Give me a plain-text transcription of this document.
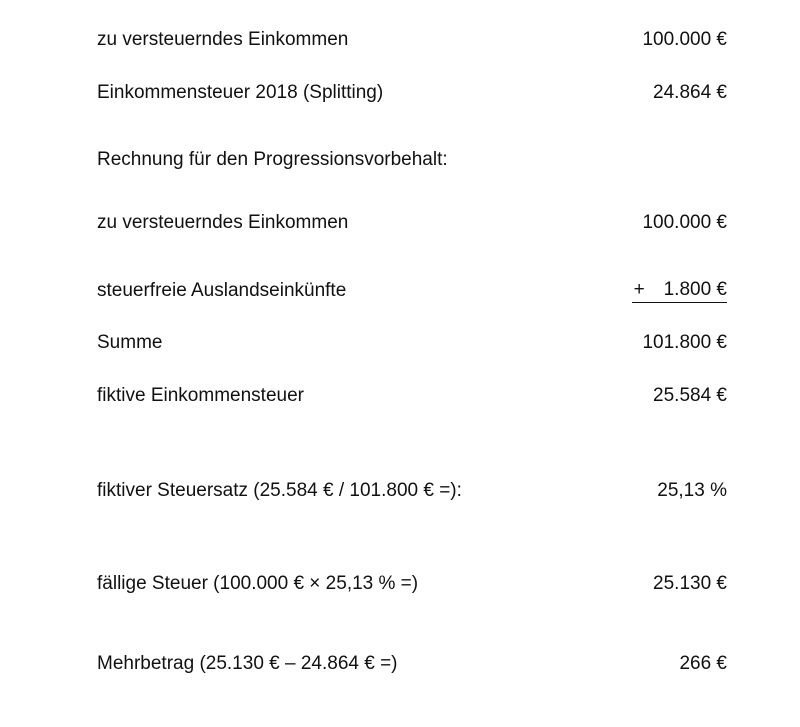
zu versteuerndes Einkommen	100.000 €
Einkommensteuer 2018 (Splitting)	24.864 €
Rechnung für den Progressionsvorbehalt:
zu versteuerndes Einkommen	100.000 €
steuerfreie Auslandseinkünfte	+ 1.800 €
Summe	101.800 €
fiktive Einkommensteuer	25.584 €
fiktiver Steuersatz (25.584 € / 101.800 € =):	25,13 %
fällige Steuer (100.000 € × 25,13 % =)	25.130 €
Mehrbetrag (25.130 € – 24.864 € =)	266 €
